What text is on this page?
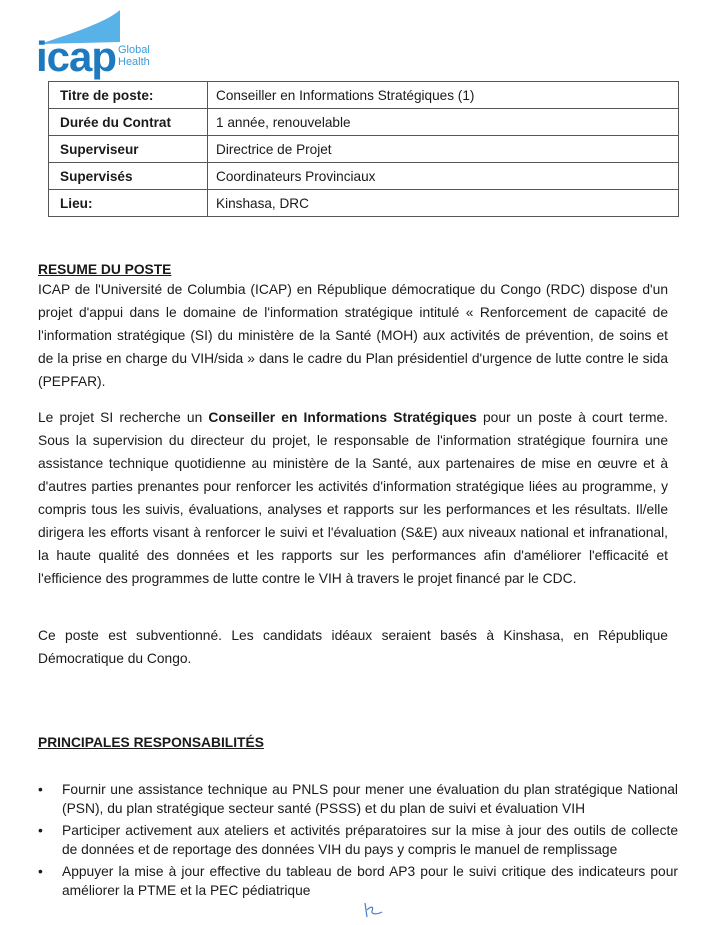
icap Global
Health
Titre de poste:	Conseiller en Informations Stratégiques (1)
Durée du Contrat	1 année, renouvelable
Superviseur	Directrice de Projet
Supervisés	Coordinateurs Provinciaux
Lieu:	Kinshasa, DRC
RESUME DU POSTE
ICAP de l'Université de Columbia (ICAP) en République démocratique du Congo (RDC) dispose d'un projet d'appui dans le domaine de l'information stratégique intitulé « Renforcement de capacité de l'information stratégique (SI) du ministère de la Santé (MOH) aux activités de prévention, de soins et de la prise en charge du VIH/sida » dans le cadre du Plan présidentiel d'urgence de lutte contre le sida (PEPFAR).
Le projet SI recherche un Conseiller en Informations Stratégiques pour un poste à court terme. Sous la supervision du directeur du projet, le responsable de l'information stratégique fournira une assistance technique quotidienne au ministère de la Santé, aux partenaires de mise en œuvre et à d'autres parties prenantes pour renforcer les activités d'information stratégique liées au programme, y compris tous les suivis, évaluations, analyses et rapports sur les performances et les résultats. Il/elle dirigera les efforts visant à renforcer le suivi et l'évaluation (S&E) aux niveaux national et infranational, la haute qualité des données et les rapports sur les performances afin d'améliorer l'efficacité et l'efficience des programmes de lutte contre le VIH à travers le projet financé par le CDC.
Ce poste est subventionné. Les candidats idéaux seraient basés à Kinshasa, en République Démocratique du Congo.
PRINCIPALES RESPONSABILITÉS
• Fournir une assistance technique au PNLS pour mener une évaluation du plan stratégique National (PSN), du plan stratégique secteur santé (PSSS) et du plan de suivi et évaluation VIH
• Participer activement aux ateliers et activités préparatoires sur la mise à jour des outils de collecte de données et de reportage des données VIH du pays y compris le manuel de remplissage
• Appuyer la mise à jour effective du tableau de bord AP3 pour le suivi critique des indicateurs pour améliorer la PTME et la PEC pédiatrique
